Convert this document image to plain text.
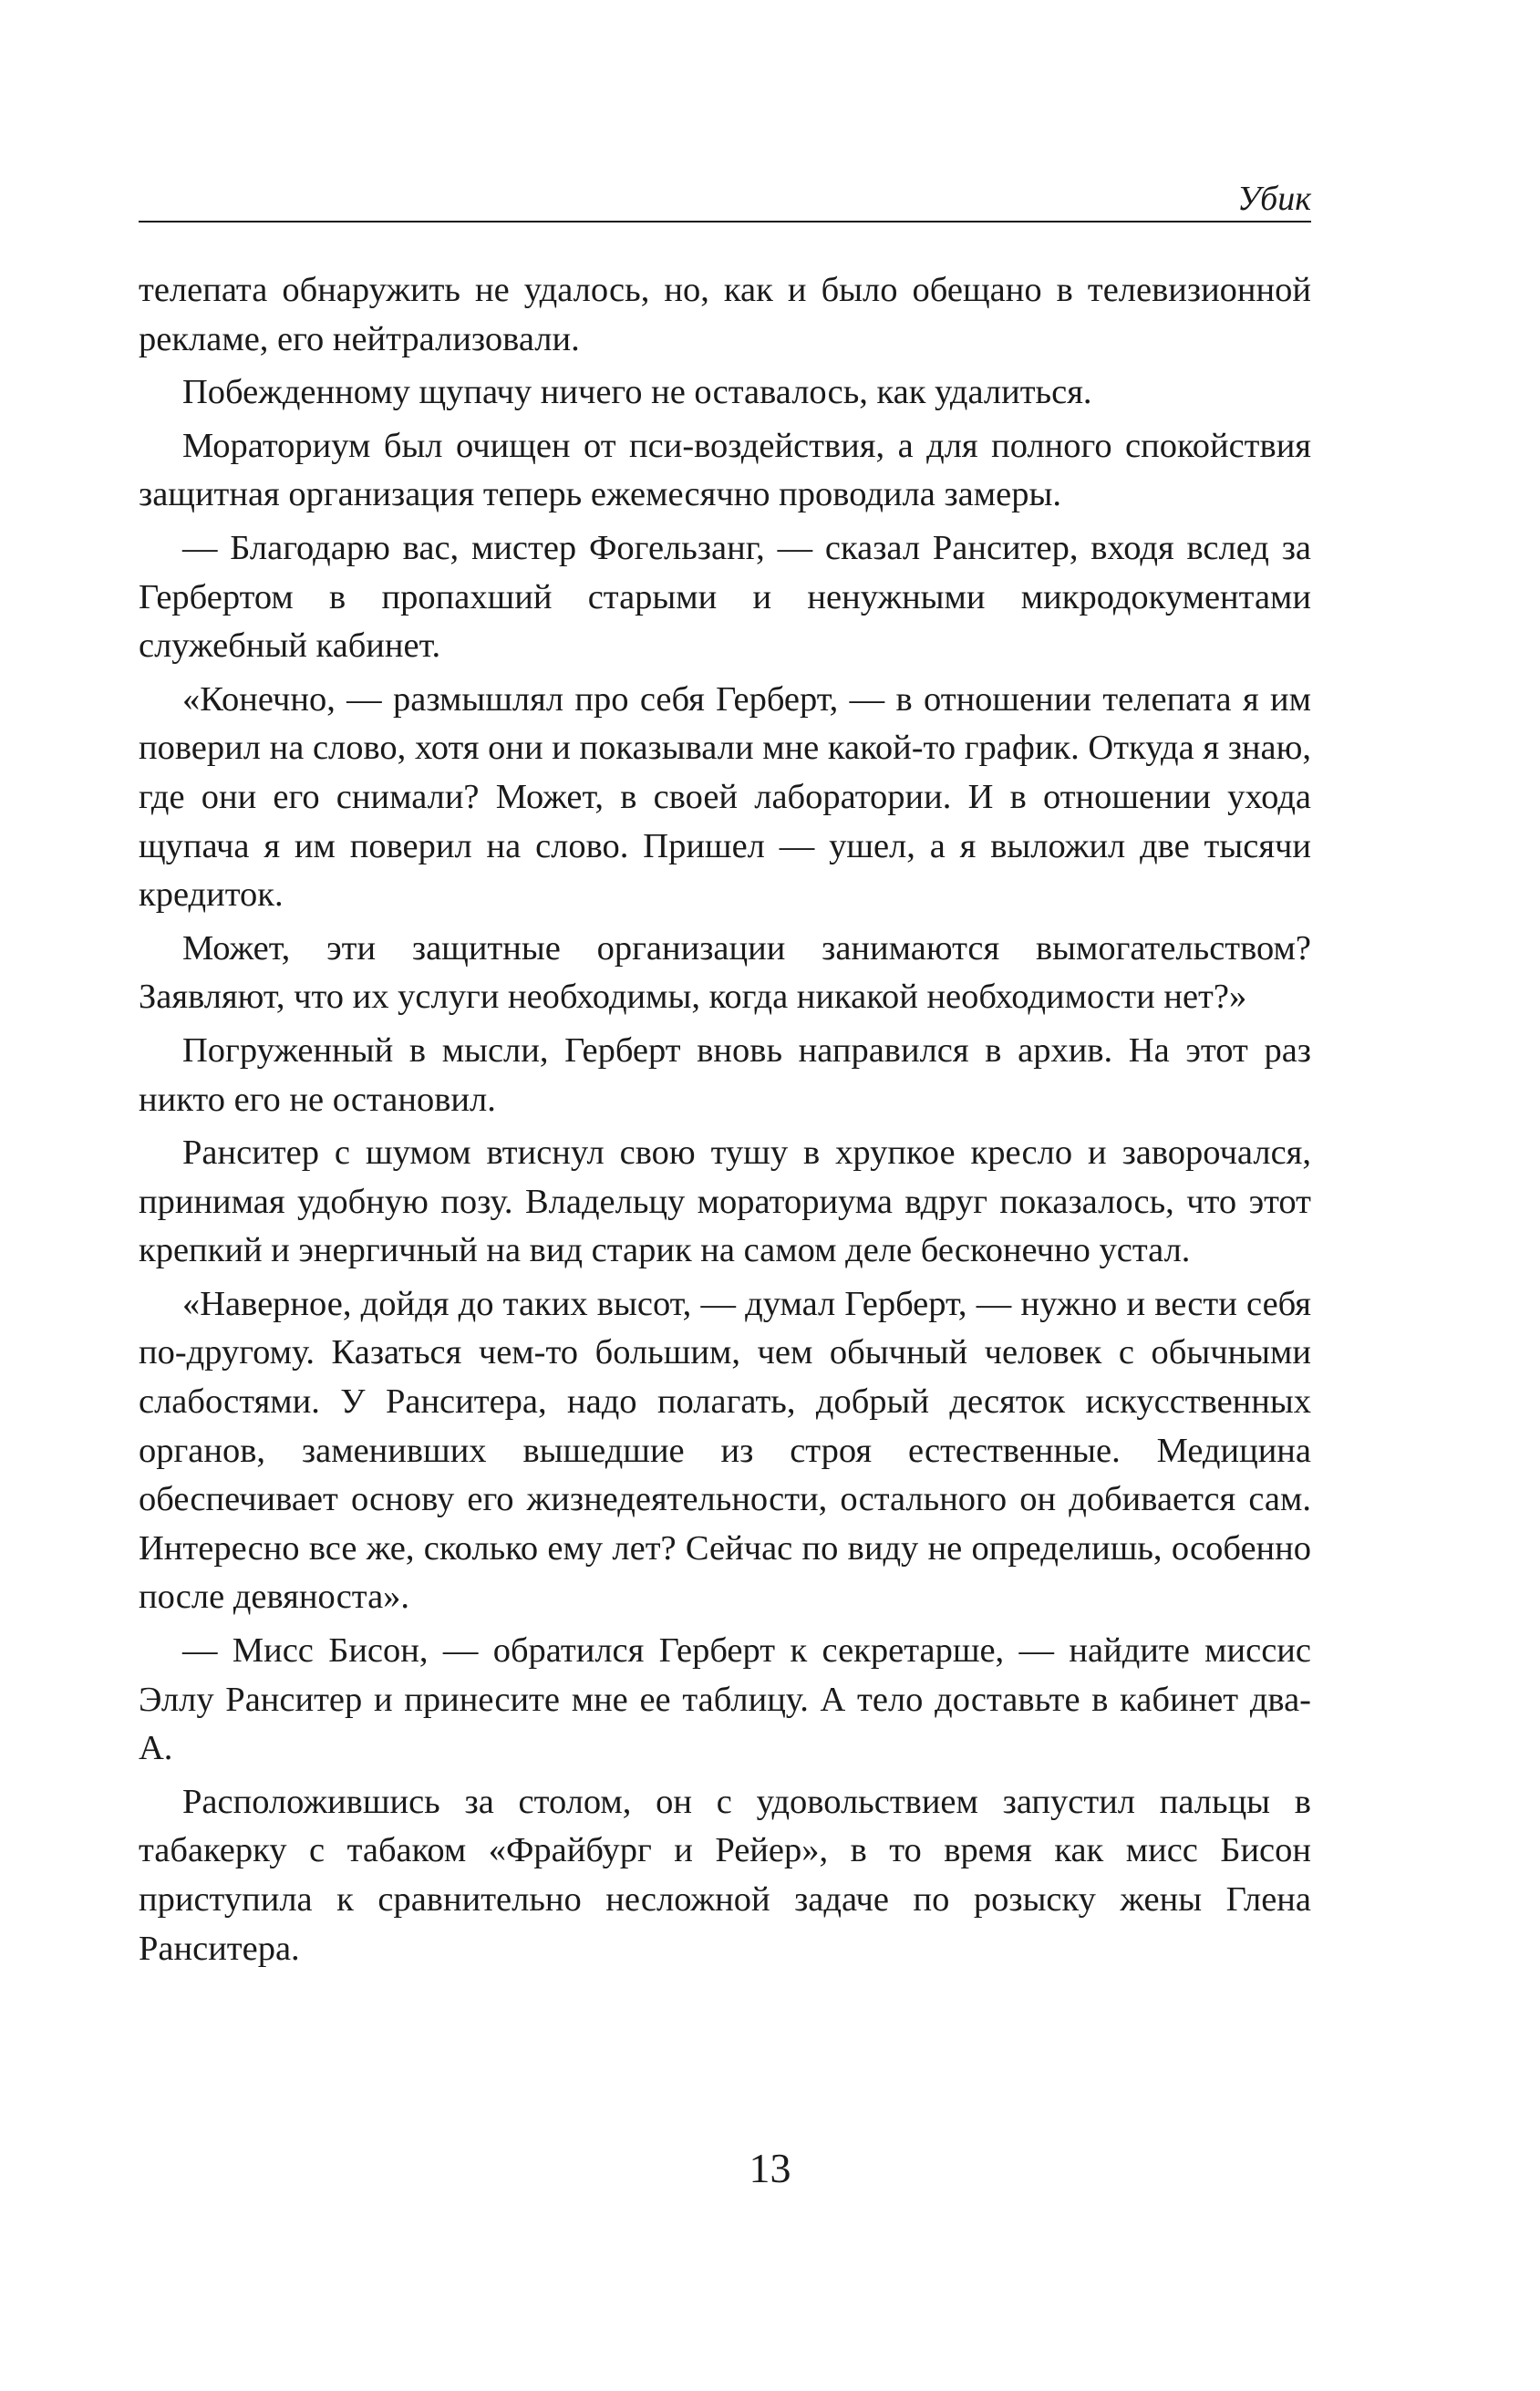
Убик

телепата обнаружить не удалось, но, как и было обещано в телевизионной рекламе, его нейтрализовали.

Побежденному щупачу ничего не оставалось, как удалиться.

Мораториум был очищен от пси-воздействия, а для полного спокойствия защитная организация теперь ежемесячно проводила замеры.

— Благодарю вас, мистер Фогельзанг, — сказал Ранситер, входя вслед за Гербертом в пропахший старыми и ненужными микродокументами служебный кабинет.

«Конечно, — размышлял про себя Герберт, — в отношении телепата я им поверил на слово, хотя они и показывали мне какой-то график. Откуда я знаю, где они его снимали? Может, в своей лаборатории. И в отношении ухода щупача я им поверил на слово. Пришел — ушел, а я выложил две тысячи кредиток.

Может, эти защитные организации занимаются вымогательством? Заявляют, что их услуги необходимы, когда никакой необходимости нет?»

Погруженный в мысли, Герберт вновь направился в архив. На этот раз никто его не остановил.

Ранситер с шумом втиснул свою тушу в хрупкое кресло и заворочался, принимая удобную позу. Владельцу мораториума вдруг показалось, что этот крепкий и энергичный на вид старик на самом деле бесконечно устал.

«Наверное, дойдя до таких высот, — думал Герберт, — нужно и вести себя по-другому. Казаться чем-то большим, чем обычный человек с обычными слабостями. У Ранситера, надо полагать, добрый десяток искусственных органов, заменивших вышедшие из строя естественные. Медицина обеспечивает основу его жизнедеятельности, остального он добивается сам. Интересно все же, сколько ему лет? Сейчас по виду не определишь, особенно после девяноста».

— Мисс Бисон, — обратился Герберт к секретарше, — найдите миссис Эллу Ранситер и принесите мне ее таблицу. А тело доставьте в кабинет два-А.

Расположившись за столом, он с удовольствием запустил пальцы в табакерку с табаком «Фрайбург и Рейер», в то время как мисс Бисон приступила к сравнительно несложной задаче по розыску жены Глена Ранситера.

13
